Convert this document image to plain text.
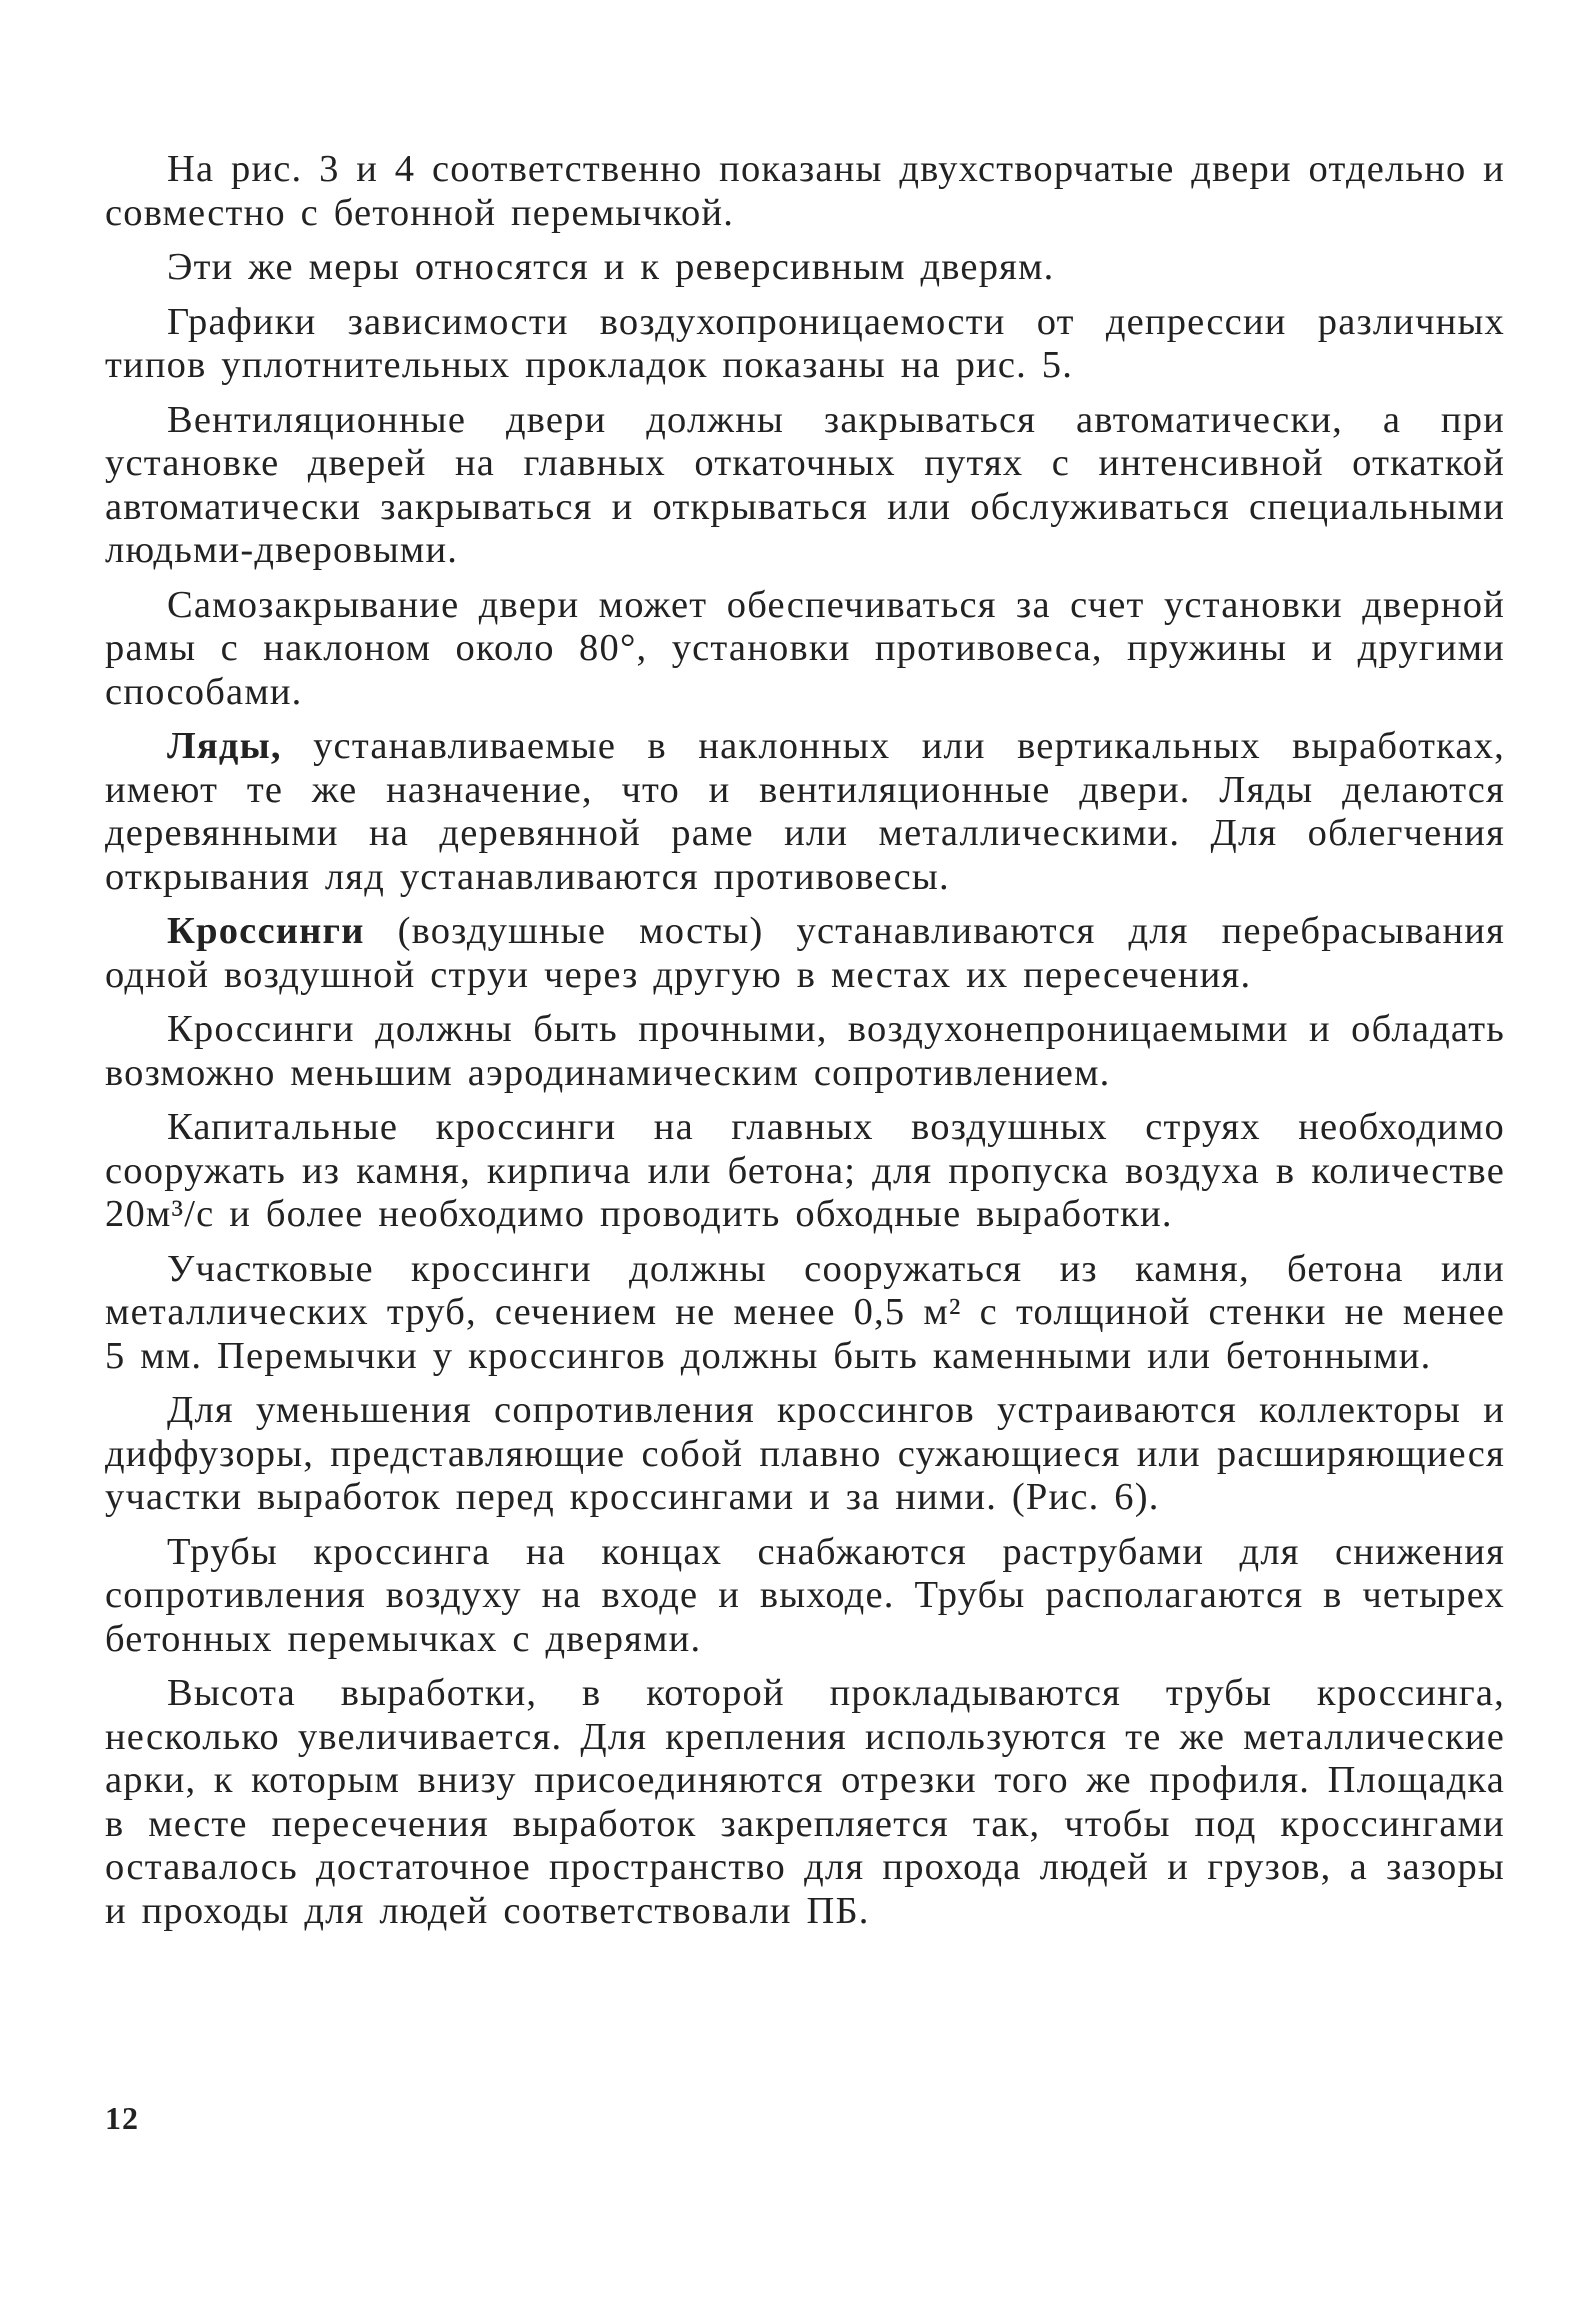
На рис. 3 и 4 соответственно показаны двухстворчатые двери отдельно и совместно с бетонной перемычкой.

Эти же меры относятся и к реверсивным дверям.

Графики зависимости воздухопроницаемости от депрессии различных типов уплотнительных прокладок показаны на рис. 5.

Вентиляционные двери должны закрываться автоматически, а при установке дверей на главных откаточных путях с интенсивной откаткой автоматически закрываться и открываться или обслуживаться специальными людьми-дверовыми.

Самозакрывание двери может обеспечиваться за счет установки дверной рамы с наклоном около 80°, установки противовеса, пружины и другими способами.

Ляды, устанавливаемые в наклонных или вертикальных выработках, имеют те же назначение, что и вентиляционные двери. Ляды делаются деревянными на деревянной раме или металлическими. Для облегчения открывания ляд устанавливаются противовесы.

Кроссинги (воздушные мосты) устанавливаются для перебрасывания одной воздушной струи через другую в местах их пересечения.

Кроссинги должны быть прочными, воздухонепроницаемыми и обладать возможно меньшим аэродинамическим сопротивлением.

Капитальные кроссинги на главных воздушных струях необходимо сооружать из камня, кирпича или бетона; для пропуска воздуха в количестве 20м³/с и более необходимо проводить обходные выработки.

Участковые кроссинги должны сооружаться из камня, бетона или металлических труб, сечением не менее 0,5 м² с толщиной стенки не менее 5 мм. Перемычки у кроссингов должны быть каменными или бетонными.

Для уменьшения сопротивления кроссингов устраиваются коллекторы и диффузоры, представляющие собой плавно сужающиеся или расширяющиеся участки выработок перед кроссингами и за ними. (Рис. 6).

Трубы кроссинга на концах снабжаются раструбами для снижения сопротивления воздуху на входе и выходе. Трубы располагаются в четырех бетонных перемычках с дверями.

Высота выработки, в которой прокладываются трубы кроссинга, несколько увеличивается. Для крепления используются те же металлические арки, к которым внизу присоединяются отрезки того же профиля. Площадка в месте пересечения выработок закрепляется так, чтобы под кроссингами оставалось достаточное пространство для прохода людей и грузов, а зазоры и проходы для людей соответствовали ПБ.

12
